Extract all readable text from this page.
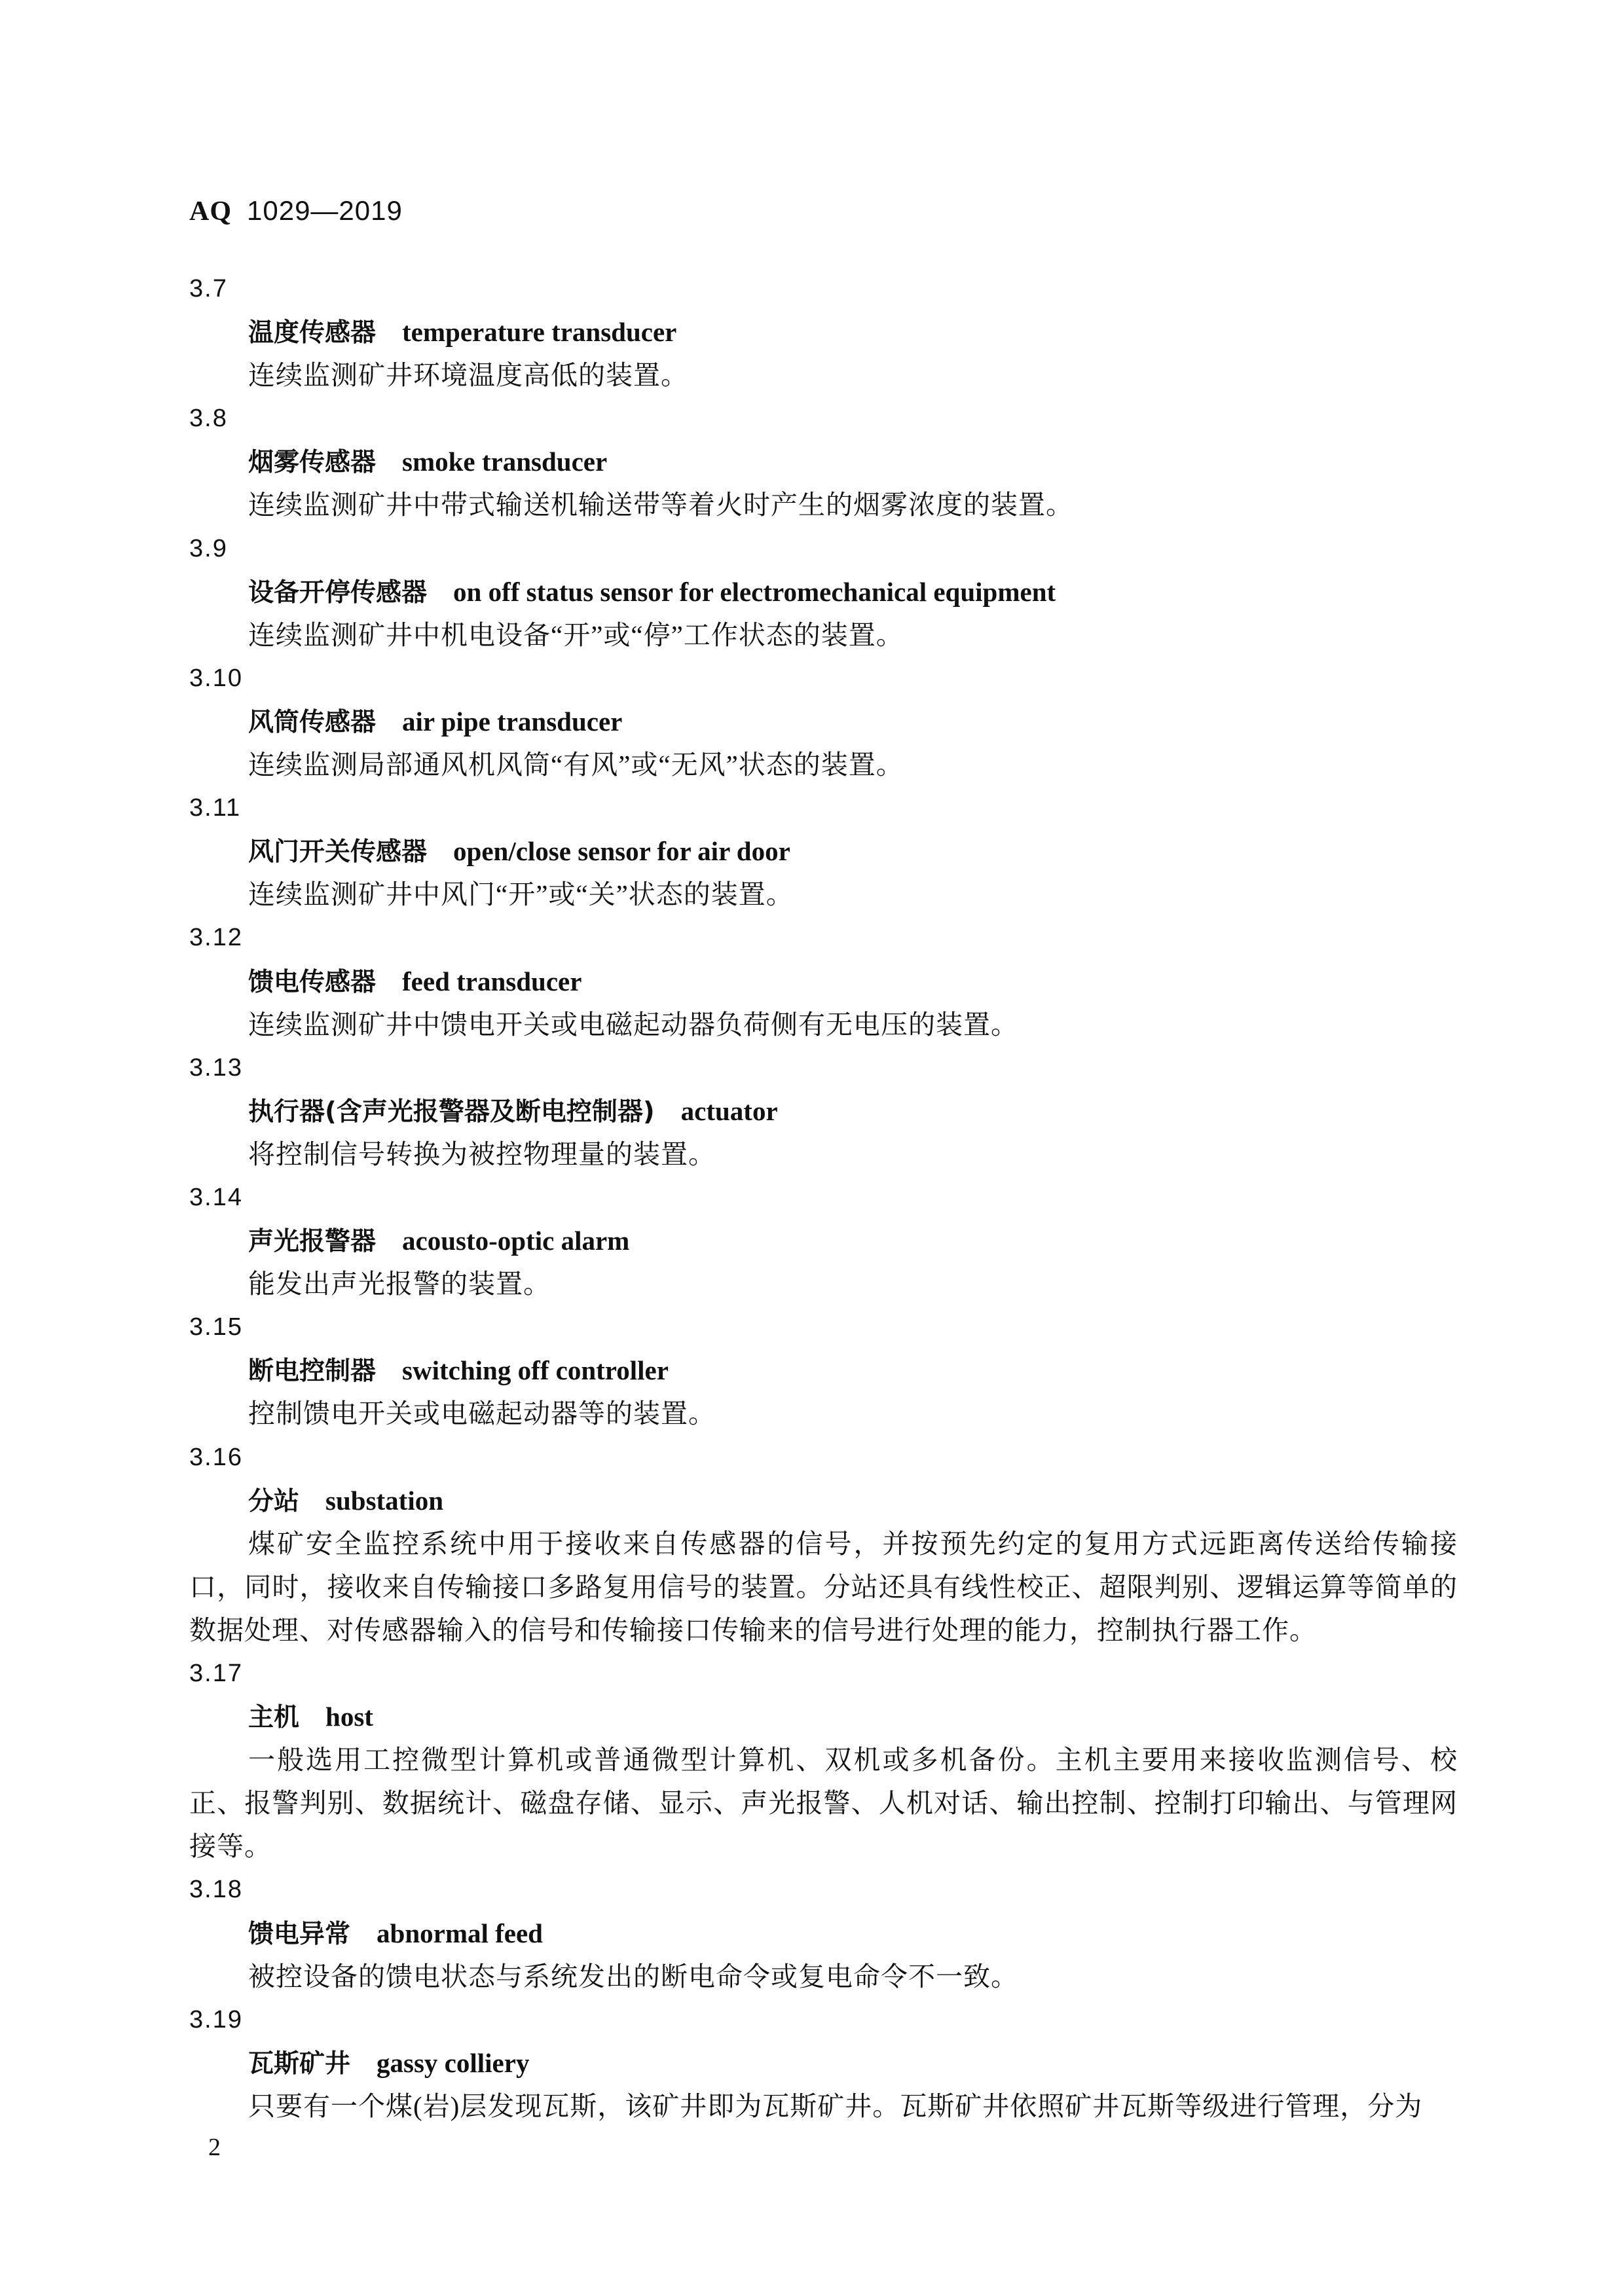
AQ 1029—2019
3.7
温度传感器 temperature transducer
连续监测矿井环境温度高低的装置。
3.8
烟雾传感器 smoke transducer
连续监测矿井中带式输送机输送带等着火时产生的烟雾浓度的装置。
3.9
设备开停传感器 on off status sensor for electromechanical equipment
连续监测矿井中机电设备“开”或“停”工作状态的装置。
3.10
风筒传感器 air pipe transducer
连续监测局部通风机风筒“有风”或“无风”状态的装置。
3.11
风门开关传感器 open/close sensor for air door
连续监测矿井中风门“开”或“关”状态的装置。
3.12
馈电传感器 feed transducer
连续监测矿井中馈电开关或电磁起动器负荷侧有无电压的装置。
3.13
执行器(含声光报警器及断电控制器) actuator
将控制信号转换为被控物理量的装置。
3.14
声光报警器 acousto-optic alarm
能发出声光报警的装置。
3.15
断电控制器 switching off controller
控制馈电开关或电磁起动器等的装置。
3.16
分站 substation
煤矿安全监控系统中用于接收来自传感器的信号，并按预先约定的复用方式远距离传送给传输接
口，同时，接收来自传输接口多路复用信号的装置。分站还具有线性校正、超限判别、逻辑运算等简单的
数据处理、对传感器输入的信号和传输接口传输来的信号进行处理的能力，控制执行器工作。
3.17
主机 host
一般选用工控微型计算机或普通微型计算机、双机或多机备份。主机主要用来接收监测信号、校
正、报警判别、数据统计、磁盘存储、显示、声光报警、人机对话、输出控制、控制打印输出、与管理网
接等。
3.18
馈电异常 abnormal feed
被控设备的馈电状态与系统发出的断电命令或复电命令不一致。
3.19
瓦斯矿井 gassy colliery
只要有一个煤(岩)层发现瓦斯，该矿井即为瓦斯矿井。瓦斯矿井依照矿井瓦斯等级进行管理，分为
2
